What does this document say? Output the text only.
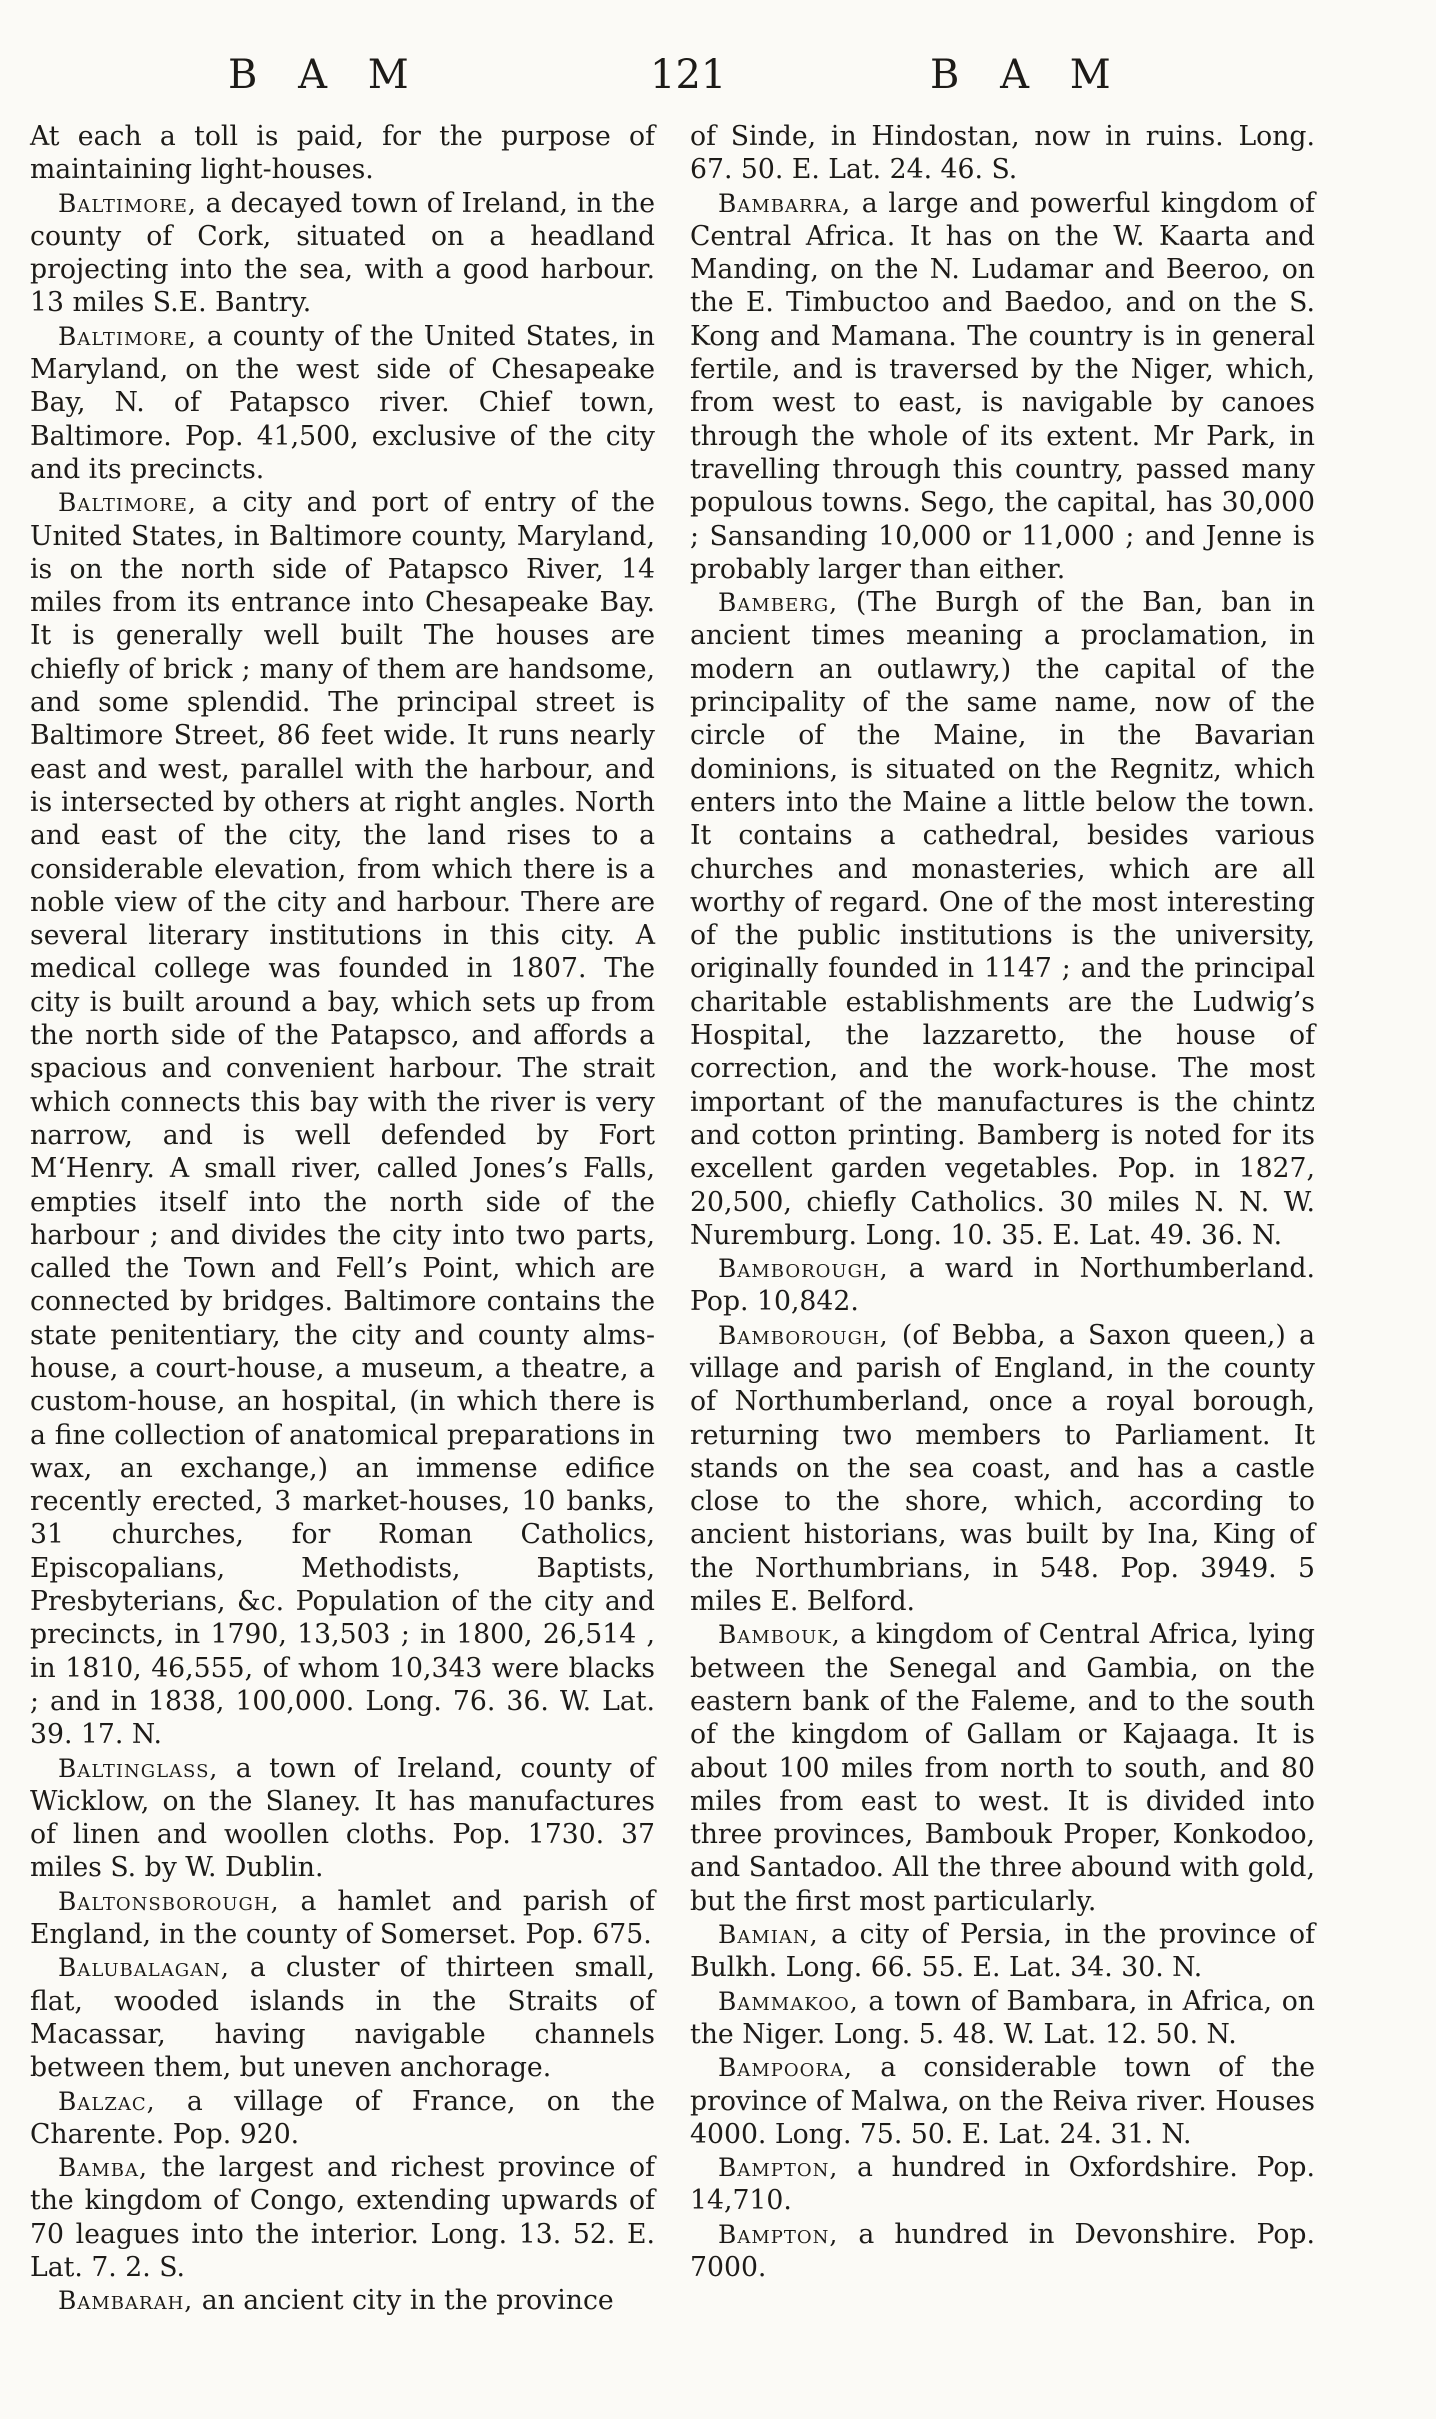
B A M	121	B A M

At each a toll is paid, for the purpose of maintaining light-houses.

Baltimore, a decayed town of Ireland, in the county of Cork, situated on a headland projecting into the sea, with a good harbour. 13 miles S.E. Bantry.

Baltimore, a county of the United States, in Maryland, on the west side of Chesapeake Bay, N. of Patapsco river. Chief town, Baltimore. Pop. 41,500, exclusive of the city and its precincts.

Baltimore, a city and port of entry of the United States, in Baltimore county, Maryland, is on the north side of Patapsco River, 14 miles from its entrance into Chesapeake Bay. It is generally well built The houses are chiefly of brick ; many of them are handsome, and some splendid. The principal street is Baltimore Street, 86 feet wide. It runs nearly east and west, parallel with the harbour, and is intersected by others at right angles. North and east of the city, the land rises to a considerable elevation, from which there is a noble view of the city and harbour. There are several literary institutions in this city. A medical college was founded in 1807. The city is built around a bay, which sets up from the north side of the Patapsco, and affords a spacious and convenient harbour. The strait which connects this bay with the river is very narrow, and is well defended by Fort M‘Henry. A small river, called Jones’s Falls, empties itself into the north side of the harbour ; and divides the city into two parts, called the Town and Fell’s Point, which are connected by bridges. Baltimore contains the state penitentiary, the city and county alms-house, a court-house, a museum, a theatre, a custom-house, an hospital, (in which there is a fine collection of anatomical preparations in wax, an exchange,) an immense edifice recently erected, 3 market-houses, 10 banks, 31 churches, for Roman Catholics, Episcopalians, Methodists, Baptists, Presbyterians, &c. Population of the city and precincts, in 1790, 13,503 ; in 1800, 26,514 , in 1810, 46,555, of whom 10,343 were blacks ; and in 1838, 100,000. Long. 76. 36. W. Lat. 39. 17. N.

Baltinglass, a town of Ireland, county of Wicklow, on the Slaney. It has manufactures of linen and woollen cloths. Pop. 1730. 37 miles S. by W. Dublin.

Baltonsborough, a hamlet and parish of England, in the county of Somerset. Pop. 675.

Balubalagan, a cluster of thirteen small, flat, wooded islands in the Straits of Macassar, having navigable channels between them, but uneven anchorage.

Balzac, a village of France, on the Charente. Pop. 920.

Bamba, the largest and richest province of the kingdom of Congo, extending upwards of 70 leagues into the interior. Long. 13. 52. E. Lat. 7. 2. S.

Bambarah, an ancient city in the province

of Sinde, in Hindostan, now in ruins. Long. 67. 50. E. Lat. 24. 46. S.

Bambarra, a large and powerful kingdom of Central Africa. It has on the W. Kaarta and Manding, on the N. Ludamar and Beeroo, on the E. Timbuctoo and Baedoo, and on the S. Kong and Mamana. The country is in general fertile, and is traversed by the Niger, which, from west to east, is navigable by canoes through the whole of its extent. Mr Park, in travelling through this country, passed many populous towns. Sego, the capital, has 30,000 ; Sansanding 10,000 or 11,000 ; and Jenne is probably larger than either.

Bamberg, (The Burgh of the Ban, ban in ancient times meaning a proclamation, in modern an outlawry,) the capital of the principality of the same name, now of the circle of the Maine, in the Bavarian dominions, is situated on the Regnitz, which enters into the Maine a little below the town. It contains a cathedral, besides various churches and monasteries, which are all worthy of regard. One of the most interesting of the public institutions is the university, originally founded in 1147 ; and the principal charitable establishments are the Ludwig’s Hospital, the lazzaretto, the house of correction, and the work-house. The most important of the manufactures is the chintz and cotton printing. Bamberg is noted for its excellent garden vegetables. Pop. in 1827, 20,500, chiefly Catholics. 30 miles N. N. W. Nuremburg. Long. 10. 35. E. Lat. 49. 36. N.

Bamborough, a ward in Northumberland. Pop. 10,842.

Bamborough, (of Bebba, a Saxon queen,) a village and parish of England, in the county of Northumberland, once a royal borough, returning two members to Parliament. It stands on the sea coast, and has a castle close to the shore, which, according to ancient historians, was built by Ina, King of the Northumbrians, in 548. Pop. 3949. 5 miles E. Belford.

Bambouk, a kingdom of Central Africa, lying between the Senegal and Gambia, on the eastern bank of the Faleme, and to the south of the kingdom of Gallam or Kajaaga. It is about 100 miles from north to south, and 80 miles from east to west. It is divided into three provinces, Bambouk Proper, Konkodoo, and Santadoo. All the three abound with gold, but the first most particularly.

Bamian, a city of Persia, in the province of Bulkh. Long. 66. 55. E. Lat. 34. 30. N.

Bammakoo, a town of Bambara, in Africa, on the Niger. Long. 5. 48. W. Lat. 12. 50. N.

Bampoora, a considerable town of the province of Malwa, on the Reiva river. Houses 4000. Long. 75. 50. E. Lat. 24. 31. N.

Bampton, a hundred in Oxfordshire. Pop. 14,710.

Bampton, a hundred in Devonshire. Pop. 7000.
